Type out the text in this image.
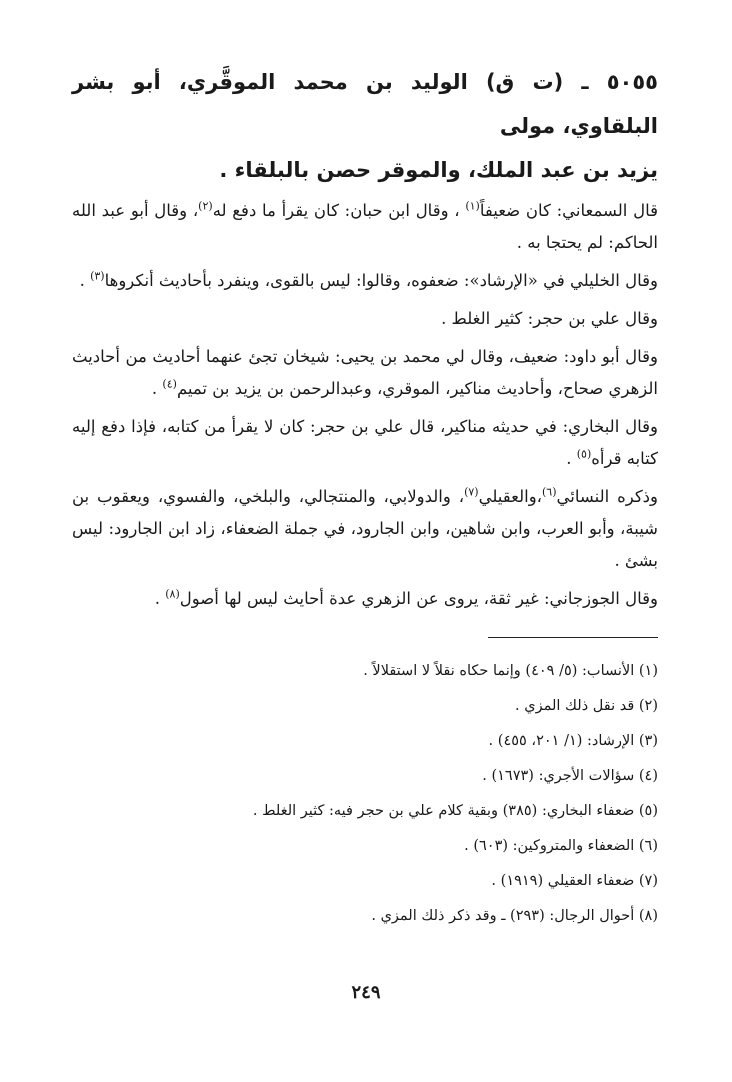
٥٠٥٥ ـ (ت ق) الوليد بن محمد الموقَّري، أبو بشر البلقاوي، مولى

يزيد بن عبد الملك، والموقر حصن بالبلقاء .

قال السمعاني: كان ضعيفاً$^{(١)}$ ، وقال ابن حبان: كان يقرأ ما دفع له$^{(٢)}$، وقال أبو عبد الله الحاكم: لم يحتجا به .

وقال الخليلي في «الإرشاد»: ضعفوه، وقالوا: ليس بالقوى، وينفرد بأحاديث أنكروها$^{(٣)}$ .

وقال علي بن حجر: كثير الغلط .

وقال أبو داود: ضعيف، وقال لي محمد بن يحيى: شيخان تجئ عنهما أحاديث من أحاديث الزهري صحاح، وأحاديث مناكير، الموقري، وعبدالرحمن بن يزيد بن تميم$^{(٤)}$ .

وقال البخاري: في حديثه مناكير، قال علي بن حجر: كان لا يقرأ من كتابه، فإذا دفع إليه كتابه قرأه$^{(٥)}$ .

وذكره النسائي$^{(٦)}$،والعقيلي$^{(٧)}$، والدولابي، والمنتجالي، والبلخي، والفسوي، ويعقوب بن شيبة، وأبو العرب، وابن شاهين، وابن الجارود، في جملة الضعفاء، زاد ابن الجارود: ليس بشئ .

وقال الجوزجاني: غير ثقة، يروى عن الزهري عدة أحايث ليس لها أصول$^{(٨)}$ .

(١) الأنساب: (٥/ ٤٠٩) وإنما حكاه نقلاً لا استقلالاً .

(٢) قد نقل ذلك المزي .

(٣) الإرشاد: (١/ ٢٠١، ٤٥٥) .

(٤) سؤالات الأجري: (١٦٧٣) .

(٥) ضعفاء البخاري: (٣٨٥) وبقية كلام علي بن حجر فيه: كثير الغلط .

(٦) الضعفاء والمتروكين: (٦٠٣) .

(٧) ضعفاء العقيلي (١٩١٩) .

(٨) أحوال الرجال: (٢٩٣) ـ وقد ذكر ذلك المزي .

٢٤٩
